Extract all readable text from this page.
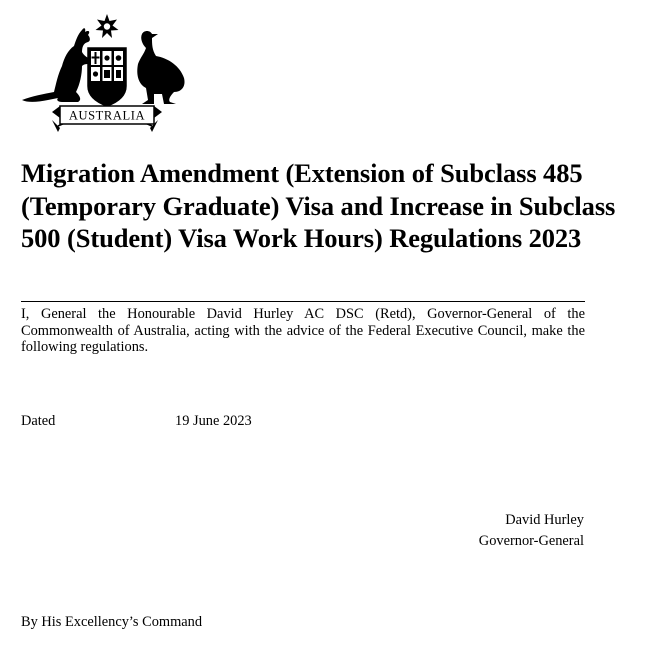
AUSTRALIA
Migration Amendment (Extension of Subclass 485 (Temporary Graduate) Visa and Increase in Subclass 500 (Student) Visa Work Hours) Regulations 2023

I, General the Honourable David Hurley AC DSC (Retd), Governor-General of the Commonwealth of Australia, acting with the advice of the Federal Executive Council, make the following regulations.

Dated	19 June 2023
David Hurley
Governor-General
By His Excellency’s Command
